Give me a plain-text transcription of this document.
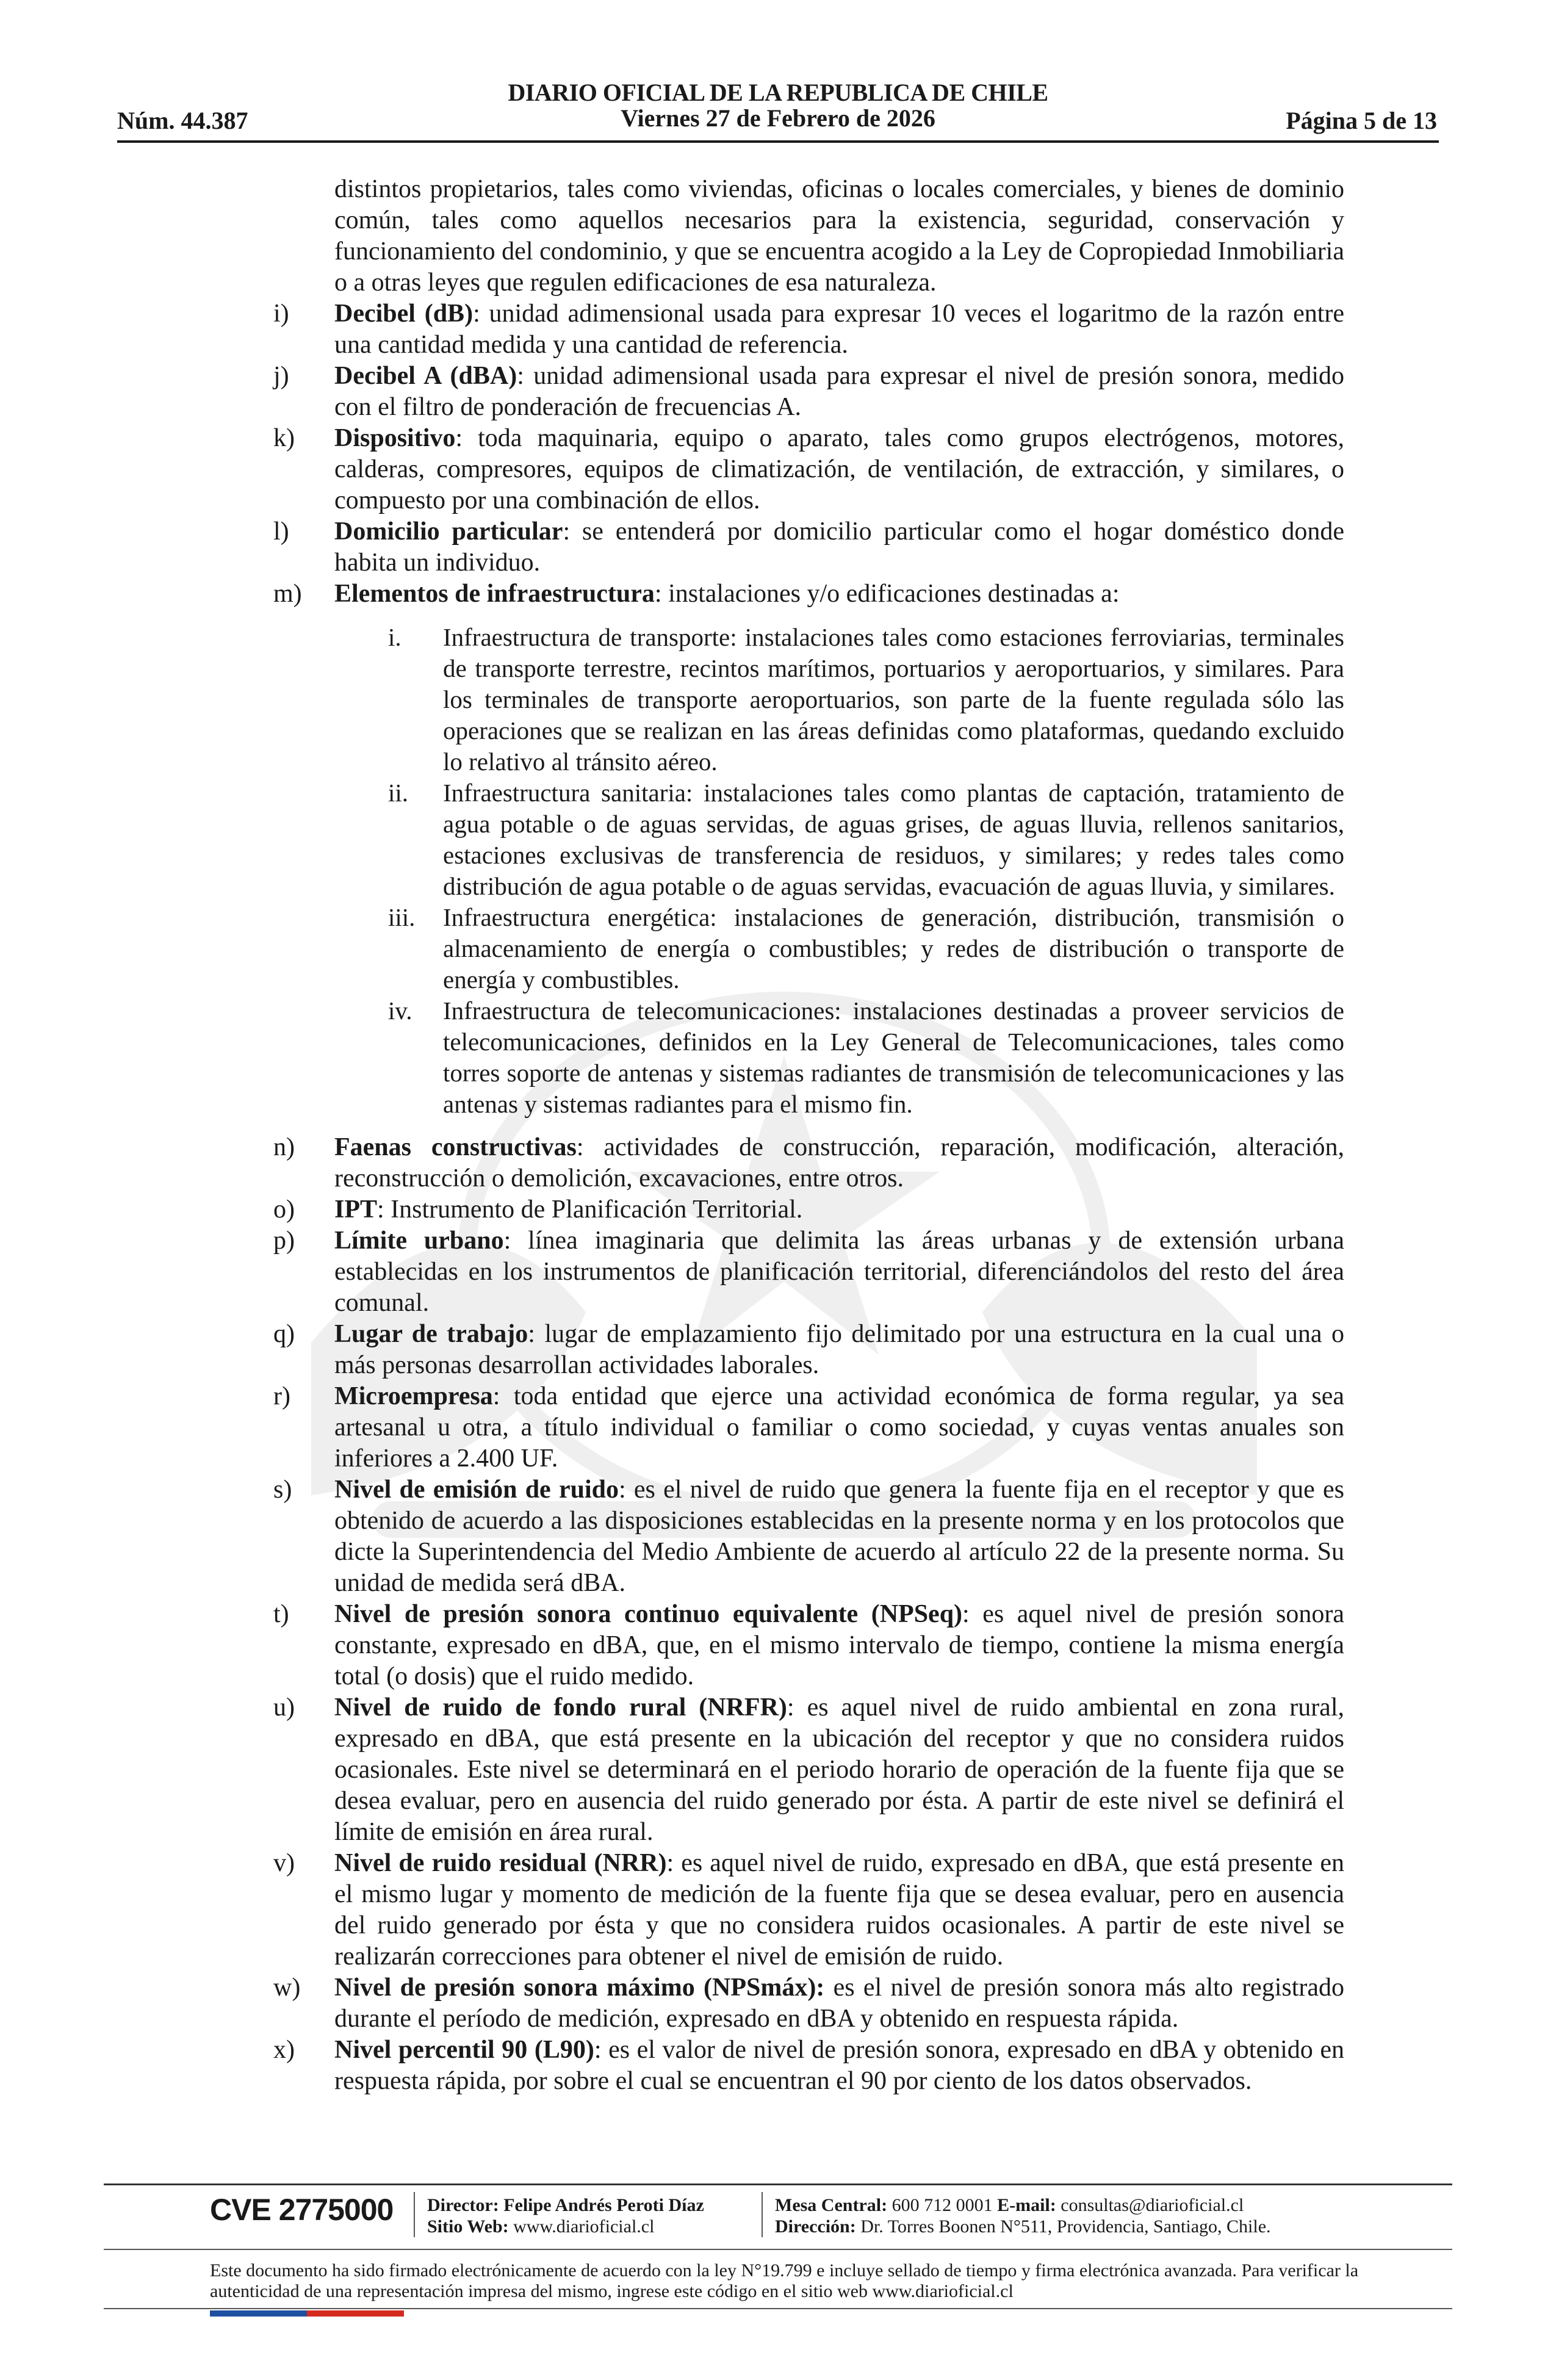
DIARIO OFICIAL DE LA REPUBLICA DE CHILE
Núm. 44.387	Viernes 27 de Febrero de 2026	Página 5 de 13
distintos propietarios, tales como viviendas, oficinas o locales comerciales, y bienes de dominio común, tales como aquellos necesarios para la existencia, seguridad, conservación y funcionamiento del condominio, y que se encuentra acogido a la Ley de Copropiedad Inmobiliaria o a otras leyes que regulen edificaciones de esa naturaleza.
i)	Decibel (dB): unidad adimensional usada para expresar 10 veces el logaritmo de la razón entre una cantidad medida y una cantidad de referencia.
j)	Decibel A (dBA): unidad adimensional usada para expresar el nivel de presión sonora, medido con el filtro de ponderación de frecuencias A.
k)	Dispositivo: toda maquinaria, equipo o aparato, tales como grupos electrógenos, motores, calderas, compresores, equipos de climatización, de ventilación, de extracción, y similares, o compuesto por una combinación de ellos.
l)	Domicilio particular: se entenderá por domicilio particular como el hogar doméstico donde habita un individuo.
m)	Elementos de infraestructura: instalaciones y/o edificaciones destinadas a:
i.	Infraestructura de transporte: instalaciones tales como estaciones ferroviarias, terminales de transporte terrestre, recintos marítimos, portuarios y aeroportuarios, y similares. Para los terminales de transporte aeroportuarios, son parte de la fuente regulada sólo las operaciones que se realizan en las áreas definidas como plataformas, quedando excluido lo relativo al tránsito aéreo.
ii.	Infraestructura sanitaria: instalaciones tales como plantas de captación, tratamiento de agua potable o de aguas servidas, de aguas grises, de aguas lluvia, rellenos sanitarios, estaciones exclusivas de transferencia de residuos, y similares; y redes tales como distribución de agua potable o de aguas servidas, evacuación de aguas lluvia, y similares.
iii.	Infraestructura energética: instalaciones de generación, distribución, transmisión o almacenamiento de energía o combustibles; y redes de distribución o transporte de energía y combustibles.
iv.	Infraestructura de telecomunicaciones: instalaciones destinadas a proveer servicios de telecomunicaciones, definidos en la Ley General de Telecomunicaciones, tales como torres soporte de antenas y sistemas radiantes de transmisión de telecomunicaciones y las antenas y sistemas radiantes para el mismo fin.
n)	Faenas constructivas: actividades de construcción, reparación, modificación, alteración, reconstrucción o demolición, excavaciones, entre otros.
o)	IPT: Instrumento de Planificación Territorial.
p)	Límite urbano: línea imaginaria que delimita las áreas urbanas y de extensión urbana establecidas en los instrumentos de planificación territorial, diferenciándolos del resto del área comunal.
q)	Lugar de trabajo: lugar de emplazamiento fijo delimitado por una estructura en la cual una o más personas desarrollan actividades laborales.
r)	Microempresa: toda entidad que ejerce una actividad económica de forma regular, ya sea artesanal u otra, a título individual o familiar o como sociedad, y cuyas ventas anuales son inferiores a 2.400 UF.
s)	Nivel de emisión de ruido: es el nivel de ruido que genera la fuente fija en el receptor y que es obtenido de acuerdo a las disposiciones establecidas en la presente norma y en los protocolos que dicte la Superintendencia del Medio Ambiente de acuerdo al artículo 22 de la presente norma. Su unidad de medida será dBA.
t)	Nivel de presión sonora continuo equivalente (NPSeq): es aquel nivel de presión sonora constante, expresado en dBA, que, en el mismo intervalo de tiempo, contiene la misma energía total (o dosis) que el ruido medido.
u)	Nivel de ruido de fondo rural (NRFR): es aquel nivel de ruido ambiental en zona rural, expresado en dBA, que está presente en la ubicación del receptor y que no considera ruidos ocasionales. Este nivel se determinará en el periodo horario de operación de la fuente fija que se desea evaluar, pero en ausencia del ruido generado por ésta. A partir de este nivel se definirá el límite de emisión en área rural.
v)	Nivel de ruido residual (NRR): es aquel nivel de ruido, expresado en dBA, que está presente en el mismo lugar y momento de medición de la fuente fija que se desea evaluar, pero en ausencia del ruido generado por ésta y que no considera ruidos ocasionales. A partir de este nivel se realizarán correcciones para obtener el nivel de emisión de ruido.
w)	Nivel de presión sonora máximo (NPSmáx): es el nivel de presión sonora más alto registrado durante el período de medición, expresado en dBA y obtenido en respuesta rápida.
x)	Nivel percentil 90 (L90): es el valor de nivel de presión sonora, expresado en dBA y obtenido en respuesta rápida, por sobre el cual se encuentran el 90 por ciento de los datos observados.
CVE 2775000 Director: Felipe Andrés Peroti Díaz
Sitio Web: www.diarioficial.cl
Mesa Central: 600 712 0001 E-mail: consultas@diarioficial.cl
Dirección: Dr. Torres Boonen N°511, Providencia, Santiago, Chile.
Este documento ha sido firmado electrónicamente de acuerdo con la ley N°19.799 e incluye sellado de tiempo y firma electrónica avanzada. Para verificar la autenticidad de una representación impresa del mismo, ingrese este código en el sitio web www.diarioficial.cl
